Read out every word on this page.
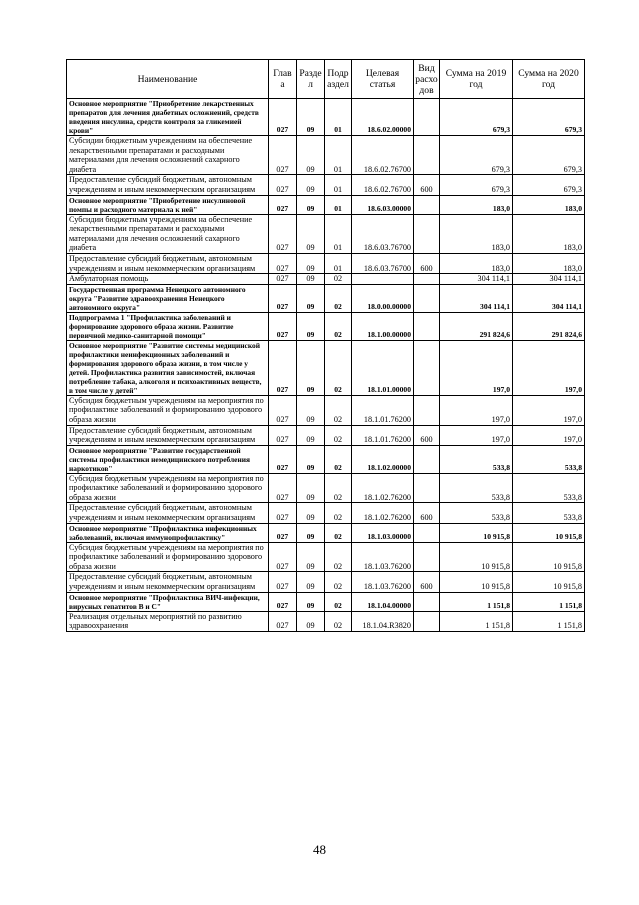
Наименование	Глав а	Разде л	Подр аздел	Целевая статья	Вид расхо дов	Сумма на 2019 год	Сумма на 2020 год
Основное мероприятие "Приобретение лекарственных препаратов для лечения диабетных осложнений, средств введения инсулина, средств контроля за гликемией крови"	027	09	01	18.6.02.00000		679,3	679,3
Субсидии бюджетным учреждениям на обеспечение лекарственными препаратами и расходными материалами для лечения осложнений сахарного диабета	027	09	01	18.6.02.76700		679,3	679,3
Предоставление субсидий бюджетным, автономным учреждениям и иным некоммерческим организациям	027	09	01	18.6.02.76700	600	679,3	679,3
Основное мероприятие "Приобретение инсулиновой помпы и расходного материала к ней"	027	09	01	18.6.03.00000		183,0	183,0
Субсидии бюджетным учреждениям на обеспечение лекарственными препаратами и расходными материалами для лечения осложнений сахарного диабета	027	09	01	18.6.03.76700		183,0	183,0
Предоставление субсидий бюджетным, автономным учреждениям и иным некоммерческим организациям	027	09	01	18.6.03.76700	600	183,0	183,0
Амбулаторная помощь	027	09	02			304 114,1	304 114,1
Государственная программа Ненецкого автономного округа "Развитие здравоохранения Ненецкого автономного округа"	027	09	02	18.0.00.00000		304 114,1	304 114,1
Подпрограмма 1 "Профилактика заболеваний и формирование здорового образа жизни. Развитие первичной медико-санитарной помощи"	027	09	02	18.1.00.00000		291 824,6	291 824,6
Основное мероприятие "Развитие системы медицинской профилактики неинфекционных заболеваний и формирования здорового образа жизни, в том числе у детей. Профилактика развития зависимостей, включая потребление табака, алкоголя и психоактивных веществ, в том числе у детей"	027	09	02	18.1.01.00000		197,0	197,0
Субсидия бюджетным учреждениям на мероприятия по профилактике заболеваний и формированию здорового образа жизни	027	09	02	18.1.01.76200		197,0	197,0
Предоставление субсидий бюджетным, автономным учреждениям и иным некоммерческим организациям	027	09	02	18.1.01.76200	600	197,0	197,0
Основное мероприятие "Развитие государственной системы профилактики немедицинского потребления наркотиков"	027	09	02	18.1.02.00000		533,8	533,8
Субсидия бюджетным учреждениям на мероприятия по профилактике заболеваний и формированию здорового образа жизни	027	09	02	18.1.02.76200		533,8	533,8
Предоставление субсидий бюджетным, автономным учреждениям и иным некоммерческим организациям	027	09	02	18.1.02.76200	600	533,8	533,8
Основное мероприятие "Профилактика инфекционных заболеваний, включая иммунопрофилактику"	027	09	02	18.1.03.00000		10 915,8	10 915,8
Субсидия бюджетным учреждениям на мероприятия по профилактике заболеваний и формированию здорового образа жизни	027	09	02	18.1.03.76200		10 915,8	10 915,8
Предоставление субсидий бюджетным, автономным учреждениям и иным некоммерческим организациям	027	09	02	18.1.03.76200	600	10 915,8	10 915,8
Основное мероприятие "Профилактика ВИЧ-инфекции, вирусных гепатитов В и С"	027	09	02	18.1.04.00000		1 151,8	1 151,8
Реализация отдельных мероприятий по развитию здравоохранения	027	09	02	18.1.04.R3820		1 151,8	1 151,8
48
